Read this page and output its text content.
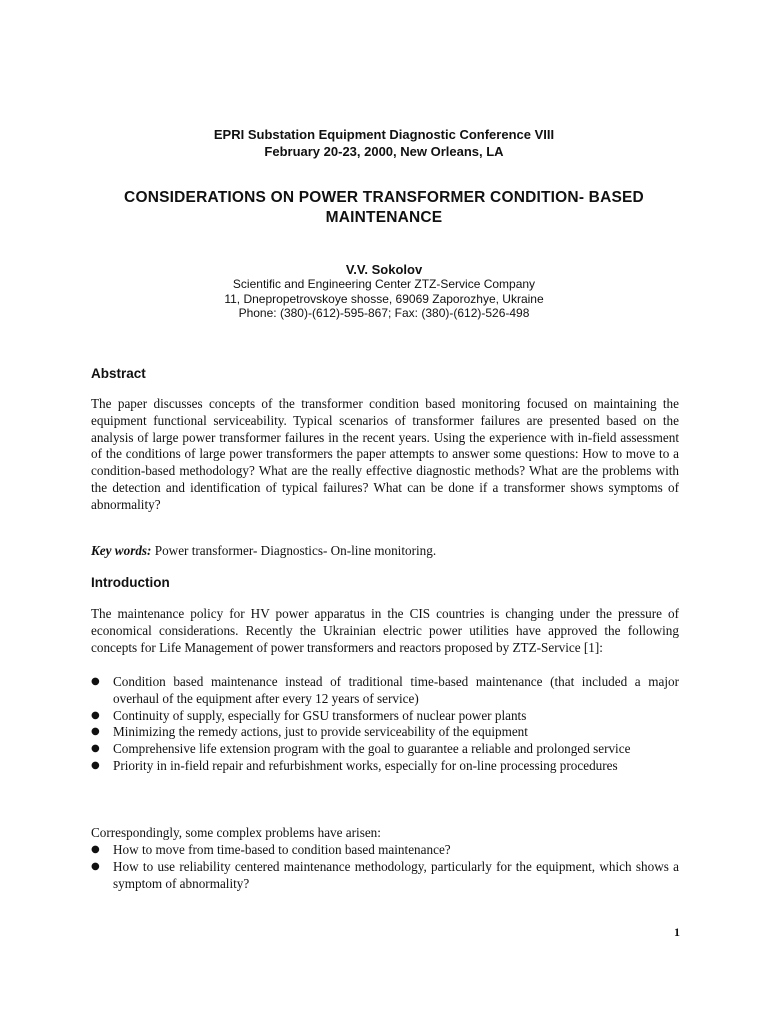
EPRI Substation Equipment Diagnostic Conference VIII
February 20-23, 2000, New Orleans, LA
CONSIDERATIONS ON POWER TRANSFORMER CONDITION- BASED MAINTENANCE
V.V. Sokolov
Scientific and Engineering Center ZTZ-Service Company
11, Dnepropetrovskoye shosse, 69069 Zaporozhye, Ukraine
Phone: (380)-(612)-595-867; Fax: (380)-(612)-526-498
Abstract
The paper discusses concepts of the transformer condition based monitoring focused on maintaining the equipment functional serviceability. Typical scenarios of transformer failures are presented based on the analysis of large power transformer failures in the recent years. Using the experience with in-field assessment of the conditions of large power transformers the paper attempts to answer some questions: How to move to a condition-based methodology? What are the really effective diagnostic methods? What are the problems with the detection and identification of typical failures? What can be done if a transformer shows symptoms of abnormality?
Key words: Power transformer- Diagnostics- On-line monitoring.
Introduction
The maintenance policy for HV power apparatus in the CIS countries is changing under the pressure of economical considerations. Recently the Ukrainian electric power utilities have approved the following concepts for Life Management of power transformers and reactors proposed by ZTZ-Service [1]:
● Condition based maintenance instead of traditional time-based maintenance (that included a major overhaul of the equipment after every 12 years of service)
● Continuity of supply, especially for GSU transformers of nuclear power plants
● Minimizing the remedy actions, just to provide serviceability of the equipment
● Comprehensive life extension program with the goal to guarantee a reliable and prolonged service
● Priority in in-field repair and refurbishment works, especially for on-line processing procedures
Correspondingly, some complex problems have arisen:
● How to move from time-based to condition based maintenance?
● How to use reliability centered maintenance methodology, particularly for the equipment, which shows a symptom of abnormality?
1
